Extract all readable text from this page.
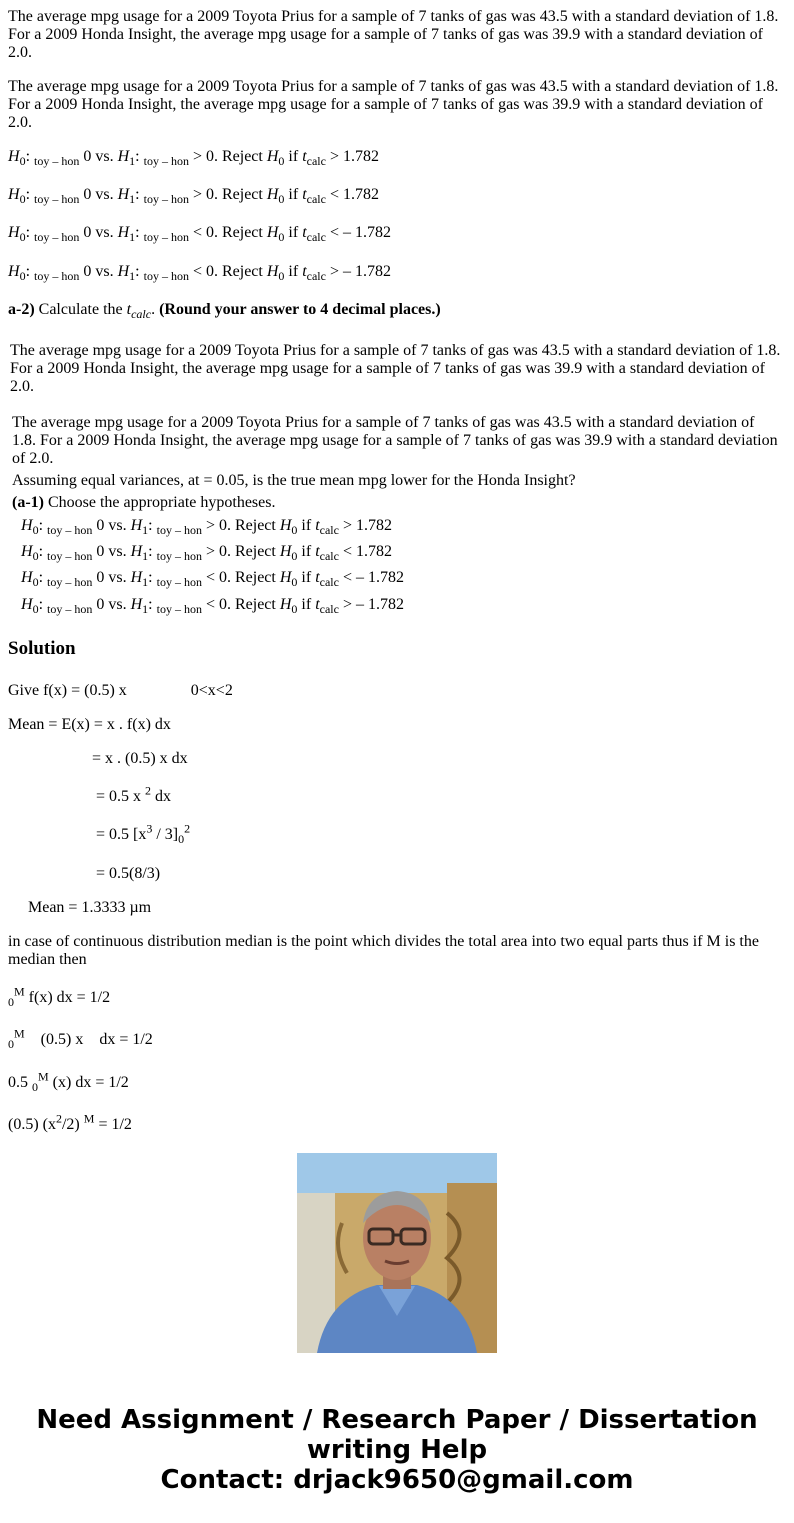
The average mpg usage for a 2009 Toyota Prius for a sample of 7 tanks of gas was 43.5 with a standard deviation of 1.8. For a 2009 Honda Insight, the average mpg usage for a sample of 7 tanks of gas was 39.9 with a standard deviation of 2.0.

The average mpg usage for a 2009 Toyota Prius for a sample of 7 tanks of gas was 43.5 with a standard deviation of 1.8. For a 2009 Honda Insight, the average mpg usage for a sample of 7 tanks of gas was 39.9 with a standard deviation of 2.0.

$H_0$: $_{toy - hon}$ 0 vs. $H_1$: $_{toy - hon}$ > 0. Reject $H_0$ if $t_{calc} > 1.782$

$H_0$: $_{toy - hon}$ 0 vs. $H_1$: $_{toy - hon}$ > 0. Reject $H_0$ if $t_{calc} < 1.782$

$H_0$: $_{toy - hon}$ 0 vs. $H_1$: $_{toy - hon}$ < 0. Reject $H_0$ if $t_{calc}$ < – 1.782

$H_0$: $_{toy - hon}$ 0 vs. $H_1$: $_{toy - hon}$ < 0. Reject $H_0$ if $t_{calc}$ > – 1.782

a-2) Calculate the $t_{calc}$. (Round your answer to 4 decimal places.)

The average mpg usage for a 2009 Toyota Prius for a sample of 7 tanks of gas was 43.5 with a standard deviation of 1.8. For a 2009 Honda Insight, the average mpg usage for a sample of 7 tanks of gas was 39.9 with a standard deviation of 2.0.

The average mpg usage for a 2009 Toyota Prius for a sample of 7 tanks of gas was 43.5 with a standard deviation of 1.8. For a 2009 Honda Insight, the average mpg usage for a sample of 7 tanks of gas was 39.9 with a standard deviation of 2.0.

Assuming equal variances, at = 0.05, is the true mean mpg lower for the Honda Insight?

(a-1) Choose the appropriate hypotheses.

$H_0$: $_{toy - hon}$ 0 vs. $H_1$: $_{toy - hon}$ > 0. Reject $H_0$ if $t_{calc} > 1.782$

$H_0$: $_{toy - hon}$ 0 vs. $H_1$: $_{toy - hon}$ > 0. Reject $H_0$ if $t_{calc} < 1.782$

$H_0$: $_{toy - hon}$ 0 vs. $H_1$: $_{toy - hon}$ < 0. Reject $H_0$ if $t_{calc}$ < – 1.782

$H_0$: $_{toy - hon}$ 0 vs. $H_1$: $_{toy - hon}$ < 0. Reject $H_0$ if $t_{calc}$ > – 1.782

Solution

Give f(x) = (0.5) x	0<x<2

Mean = E(x) = x . f(x) dx

= x . (0.5) x dx

= 0.5 x $^2$ dx

= 0.5 $[x^3 / 3]_0^2$

= 0.5(8/3)

Mean = 1.3333 µm

in case of continuous distribution median is the point which divides the total area into two equal parts thus if M is the median then

$_0^M$ f(x) dx = 1/2

$_0^M$ (0.5) x    dx = 1/2

0.5 $_0^M$ (x) dx = 1/2

(0.5) $(x^2/2) ^M = 1/2$

Need Assignment / Research Paper / Dissertation
writing Help
Contact: drjack9650@gmail.com
